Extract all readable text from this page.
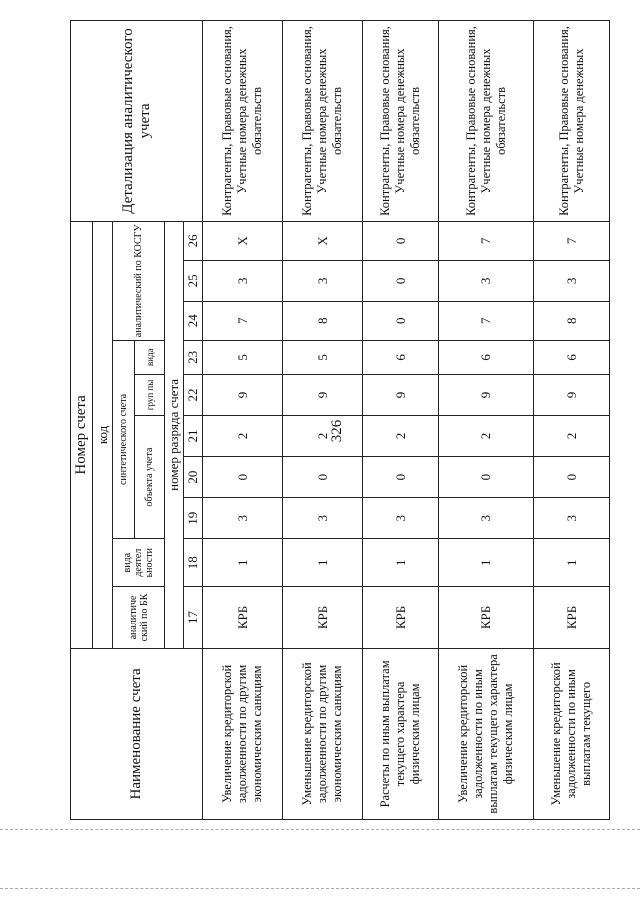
326
Наименование счета	Номер счета										Детализация аналитического учета
	код										
	аналитиче ский по БК	вида деятел ьности	синтетического счета					аналитический по КОСГУ			
			объекта учета			груп пы	вида				
	номер разряда счета										
	17	18	19	20	21	22	23	24	25	26	
Увеличение кредиторской задолженности по другим экономическим санкциям	КРБ	1	3	0	2	9	5	7	3	Х	Контрагенты, Правовые основания, Учетные номера денежных обязательств
Уменьшение кредиторской задолженности по другим экономическим санкциям	КРБ	1	3	0	2	9	5	8	3	Х	Контрагенты, Правовые основания, Учетные номера денежных обязательств
Расчеты по иным выплатам текущего характера физическим лицам	КРБ	1	3	0	2	9	6	0	0	0	Контрагенты, Правовые основания, Учетные номера денежных обязательств
Увеличение кредиторской задолженности по иным выплатам текущего характера физическим лицам	КРБ	1	3	0	2	9	6	7	3	7	Контрагенты, Правовые основания, Учетные номера денежных обязательств
Уменьшение кредиторской задолженности по иным выплатам текущего	КРБ	1	3	0	2	9	6	8	3	7	Контрагенты, Правовые основания, Учетные номера денежных
